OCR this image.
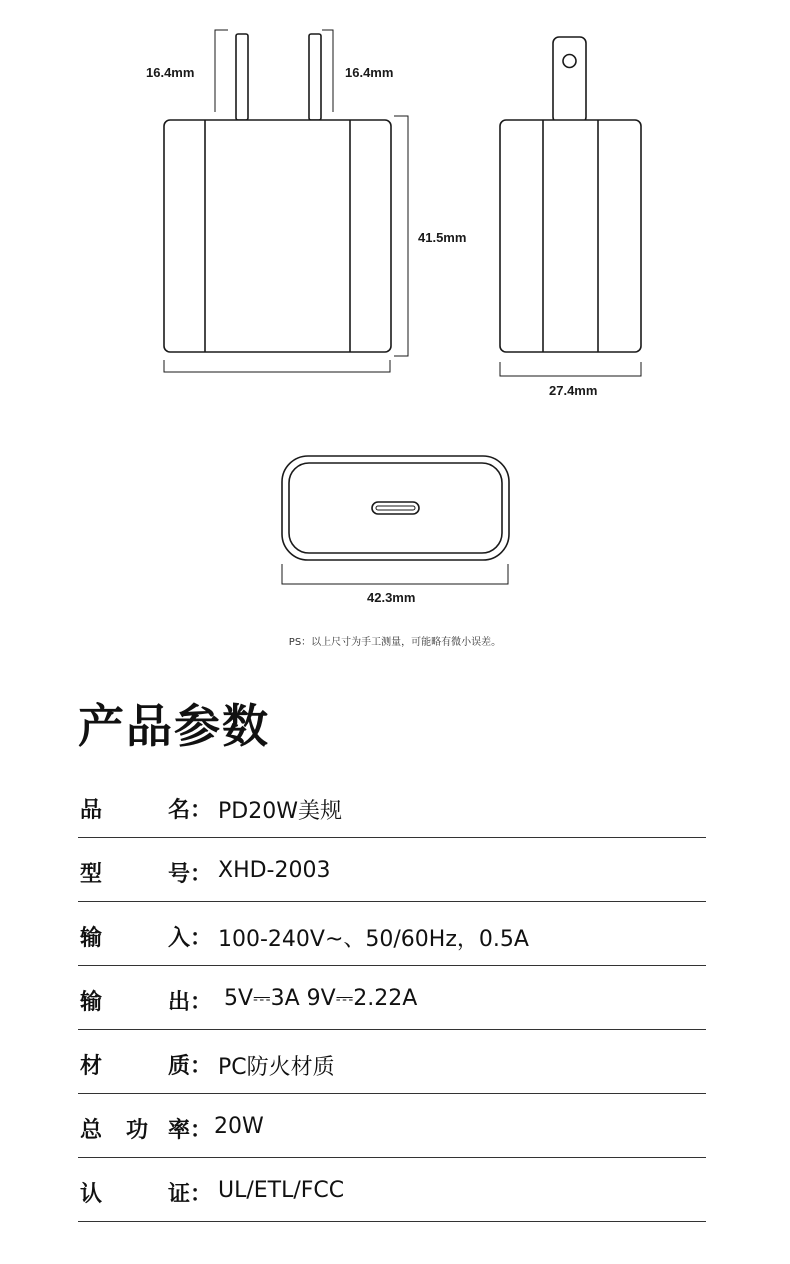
16.4mm	16.4mm
41.5mm
27.4mm
42.3mm
PS：以上尺寸为手工测量，可能略有微小误差。
产品参数
品	名： PD20W美规
型	号： XHD-2003
输	入： 100-240V~、50/60Hz，0.5A
输	出： 5V⎓3A 9V⎓2.22A
材	质： PC防火材质
总 功 率： 20W
认	证： UL/ETL/FCC
